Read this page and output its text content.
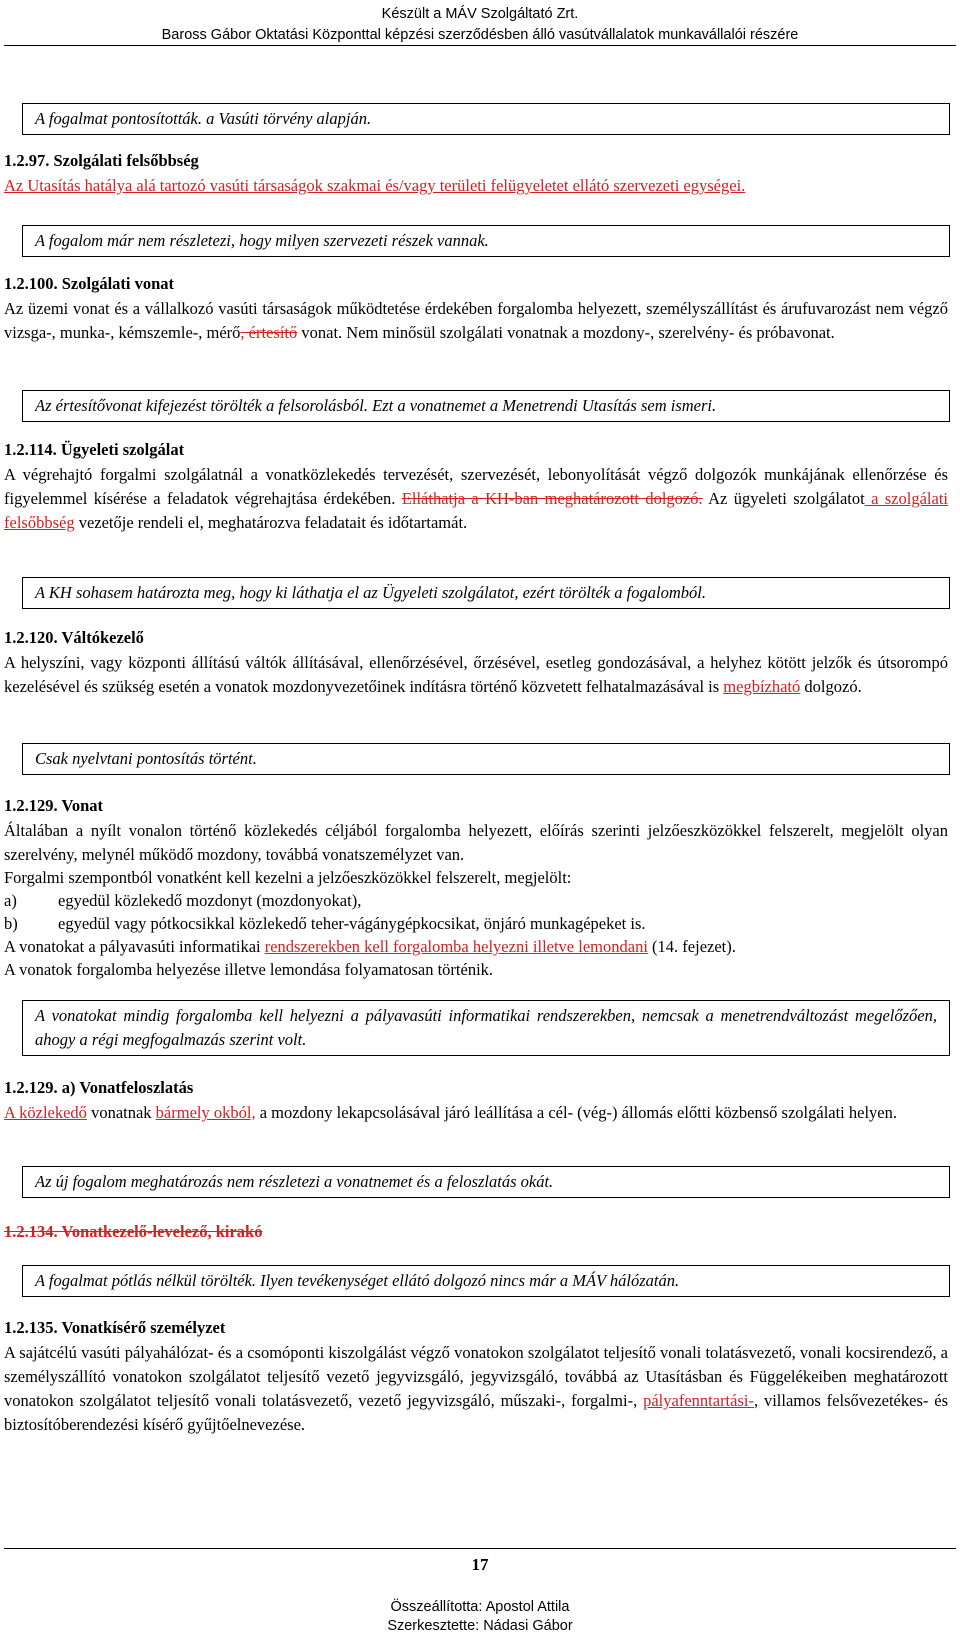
Készült a MÁV Szolgáltató Zrt.
Baross Gábor Oktatási Központtal képzési szerződésben álló vasútvállalatok munkavállalói részére
A fogalmat pontosították. a Vasúti törvény alapján.
1.2.97. Szolgálati felsőbbség
Az Utasítás hatálya alá tartozó vasúti társaságok szakmai és/vagy területi felügyeletet ellátó szervezeti egységei.
A fogalom már nem részletezi, hogy milyen szervezeti részek vannak.
1.2.100. Szolgálati vonat
Az üzemi vonat és a vállalkozó vasúti társaságok működtetése érdekében forgalomba helyezett, személyszállítást és árufuvarozást nem végző vizsga-, munka-, kémszemle-, mérő, értesítő vonat. Nem minősül szolgálati vonatnak a mozdony-, szerelvény- és próbavonat.
Az értesítővonat kifejezést törölték a felsorolásból. Ezt a vonatnemet a Menetrendi Utasítás sem ismeri.
1.2.114. Ügyeleti szolgálat
A végrehajtó forgalmi szolgálatnál a vonatközlekedés tervezését, szervezését, lebonyolítását végző dolgozók munkájának ellenőrzése és figyelemmel kísérése a feladatok végrehajtása érdekében. Elláthatja a KH-ban meghatározott dolgozó. Az ügyeleti szolgálatot a szolgálati felsőbbség vezetője rendeli el, meghatározva feladatait és időtartamát.
A KH sohasem határozta meg, hogy ki láthatja el az Ügyeleti szolgálatot, ezért törölték a fogalomból.
1.2.120. Váltókezelő
A helyszíni, vagy központi állítású váltók állításával, ellenőrzésével, őrzésével, esetleg gondozásával, a helyhez kötött jelzők és útsorompó kezelésével és szükség esetén a vonatok mozdonyvezetőinek indításra történő közvetett felhatalmazásával is megbízható dolgozó.
Csak nyelvtani pontosítás történt.
1.2.129. Vonat
Általában a nyílt vonalon történő közlekedés céljából forgalomba helyezett, előírás szerinti jelzőeszközökkel felszerelt, megjelölt olyan szerelvény, melynél működő mozdony, továbbá vonatszemélyzet van.
Forgalmi szempontból vonatként kell kezelni a jelzőeszközökkel felszerelt, megjelölt:
a) egyedül közlekedő mozdonyt (mozdonyokat),
b) egyedül vagy pótkocsikkal közlekedő teher-vágánygépkocsikat, önjáró munkagépeket is.
A vonatokat a pályavasúti informatikai rendszerekben kell forgalomba helyezni illetve lemondani (14. fejezet).
A vonatok forgalomba helyezése illetve lemondása folyamatosan történik.
A vonatokat mindig forgalomba kell helyezni a pályavasúti informatikai rendszerekben, nemcsak a menetrendváltozást megelőzően, ahogy a régi megfogalmazás szerint volt.
1.2.129. a) Vonatfeloszlatás
A közlekedő vonatnak bármely okból, a mozdony lekapcsolásával járó leállítása a cél- (vég-) állomás előtti közbenső szolgálati helyen.
Az új fogalom meghatározás nem részletezi a vonatnemet és a feloszlatás okát.
1.2.134. Vonatkezelő-levelező, kirakó
A fogalmat pótlás nélkül törölték. Ilyen tevékenységet ellátó dolgozó nincs már a MÁV hálózatán.
1.2.135. Vonatkísérő személyzet
A sajátcélú vasúti pályahálózat- és a csomóponti kiszolgálást végző vonatokon szolgálatot teljesítő vonali tolatásvezető, vonali kocsirendező, a személyszállító vonatokon szolgálatot teljesítő vezető jegyvizsgáló, jegyvizsgáló, továbbá az Utasításban és Függelékeiben meghatározott vonatokon szolgálatot teljesítő vonali tolatásvezető, vezető jegyvizsgáló, műszaki-, forgalmi-, pályafenntartási-, villamos felsővezetékes- és biztosítóberendezési kísérő gyűjtőelnevezése.
17
Összeállította: Apostol Attila
Szerkesztette: Nádasi Gábor
